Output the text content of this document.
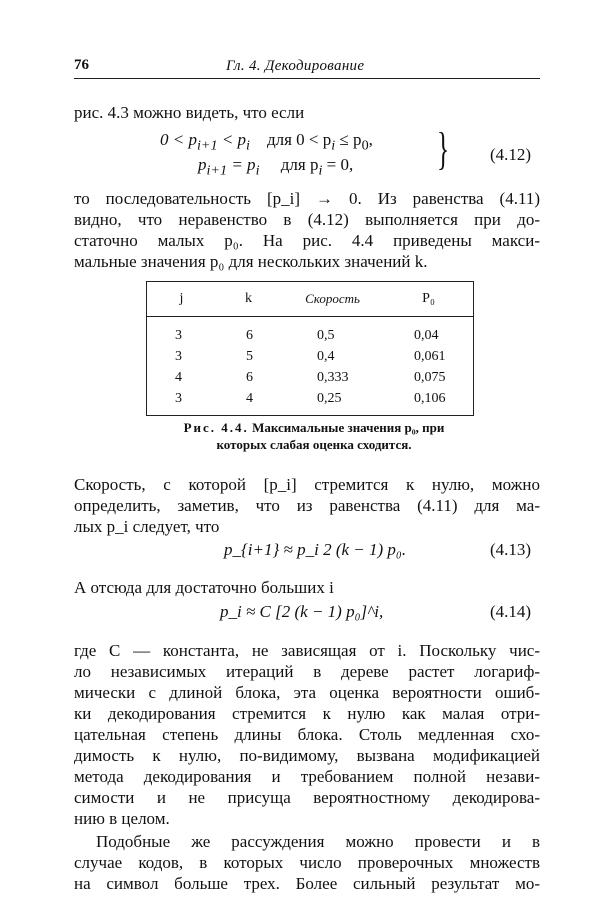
76	Гл. 4. Декодирование
рис. 4.3 можно видеть, что если
$0 < p_{i+1} < p_i$ для $0 < p_i \le p_0$,
$p_{i+1} = p_i$ для $p_i = 0$, } (4.12)
то последовательность [p_i] → 0. Из равенства (4.11)
видно, что неравенство в (4.12) выполняется при до-
статочно малых p₀. На рис. 4.4 приведены макси-
мальные значения p₀ для нескольких значений k.
j	k	Скорость	P₀

3	6	0,5	0,04
3	5	0,4	0,061
4	6	0,333	0,075
3	4	0,25	0,106

Рис. 4.4. Максимальные значения p₀, при
которых слабая оценка сходится.
Скорость, с которой [p_i] стремится к нулю, можно
определить, заметив, что из равенства (4.11) для ма-
лых p_i следует, что
p_{i+1} ≈ p_i 2 (k − 1) p₀.	(4.13)
А отсюда для достаточно больших i
p_i ≈ C [2 (k − 1) p₀]^i,	(4.14)
где C — константа, не зависящая от i. Поскольку чис-
ло независимых итераций в дереве растет логариф-
мически с длиной блока, эта оценка вероятности ошиб-
ки декодирования стремится к нулю как малая отри-
цательная степень длины блока. Столь медленная схо-
димость к нулю, по-видимому, вызвана модификацией
метода декодирования и требованием полной незави-
симости и не присуща вероятностному декодирова-
нию в целом.
Подобные же рассуждения можно провести и в
случае кодов, в которых число проверочных множеств
на символ больше трех. Более сильный результат мо-
